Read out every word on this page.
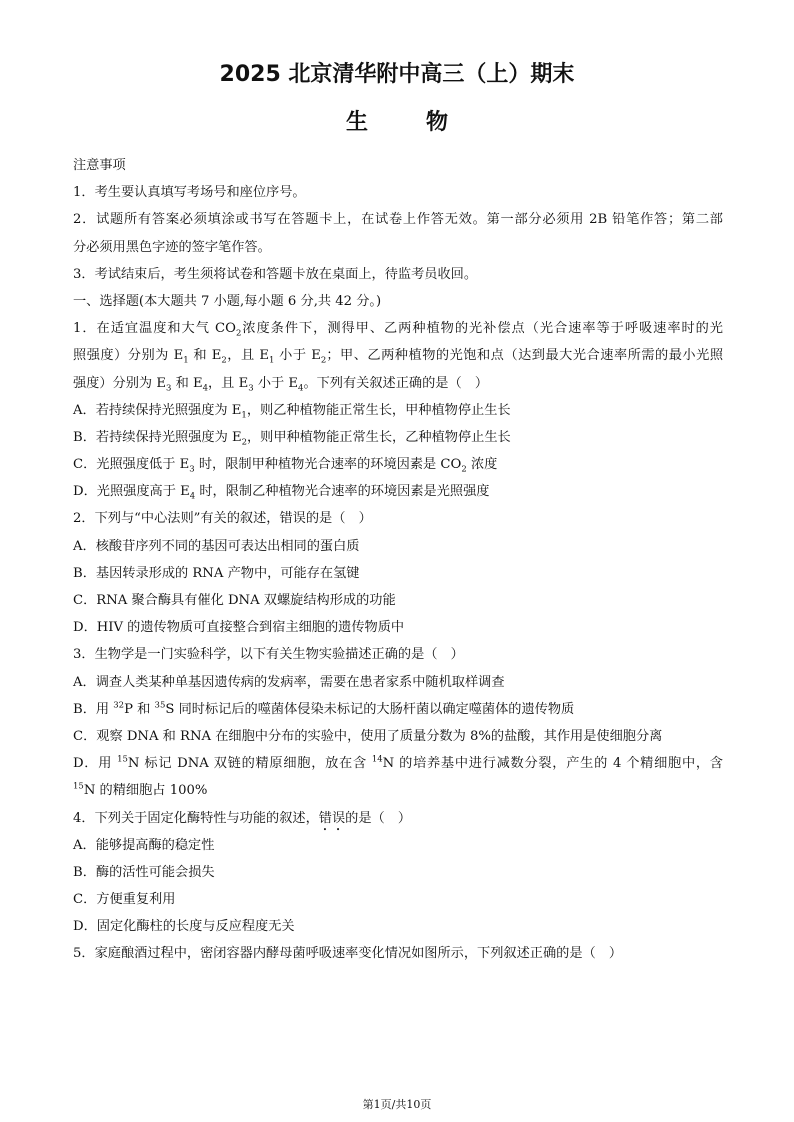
2025 北京清华附中高三（上）期末
生	物
注意事项
1．考生要认真填写考场号和座位序号。
2．试题所有答案必须填涂或书写在答题卡上，在试卷上作答无效。第一部分必须用 2B 铅笔作答；第二部
分必须用黑色字迹的签字笔作答。
3．考试结束后，考生须将试卷和答题卡放在桌面上，待监考员收回。
一、选择题(本大题共 7 小题,每小题 6 分,共 42 分。)
1．在适宜温度和大气 $CO_2$浓度条件下，测得甲、乙两种植物的光补偿点（光合速率等于呼吸速率时的光
照强度）分别为 $E_1$ 和 $E_2$，且 $E_1$ 小于 $E_2$；甲、乙两种植物的光饱和点（达到最大光合速率所需的最小光照
强度）分别为 $E_3$ 和 $E_4$，且 $E_3$ 小于 $E_4$。下列有关叙述正确的是（　）
A．若持续保持光照强度为 $E_1$，则乙种植物能正常生长，甲种植物停止生长
B．若持续保持光照强度为 $E_2$，则甲种植物能正常生长，乙种植物停止生长
C．光照强度低于 $E_3$ 时，限制甲种植物光合速率的环境因素是 $CO_2$ 浓度
D．光照强度高于 $E_4$ 时，限制乙种植物光合速率的环境因素是光照强度
2．下列与“中心法则”有关的叙述，错误的是（　）
A．核酸苷序列不同的基因可表达出相同的蛋白质
B．基因转录形成的 RNA 产物中，可能存在氢键
C．RNA 聚合酶具有催化 DNA 双螺旋结构形成的功能
D．HIV 的遗传物质可直接整合到宿主细胞的遗传物质中
3．生物学是一门实验科学，以下有关生物实验描述正确的是（　）
A．调查人类某种单基因遗传病的发病率，需要在患者家系中随机取样调查
B．用 $^{32}$P 和 $^{35}$S 同时标记后的噬菌体侵染未标记的大肠杆菌以确定噬菌体的遗传物质
C．观察 DNA 和 RNA 在细胞中分布的实验中，使用了质量分数为 8%的盐酸，其作用是使细胞分离
D．用 $^{15}$N 标记 DNA 双链的精原细胞，放在含 $^{14}$N 的培养基中进行减数分裂，产生的 4 个精细胞中，含
$^{15}$N 的精细胞占 100%
4．下列关于固定化酶特性与功能的叙述，错误的是（　）
A．能够提高酶的稳定性
B．酶的活性可能会损失
C．方便重复利用
D．固定化酶柱的长度与反应程度无关
5．家庭酿酒过程中，密闭容器内酵母菌呼吸速率变化情况如图所示，下列叙述正确的是（　）
第1页/共10页
